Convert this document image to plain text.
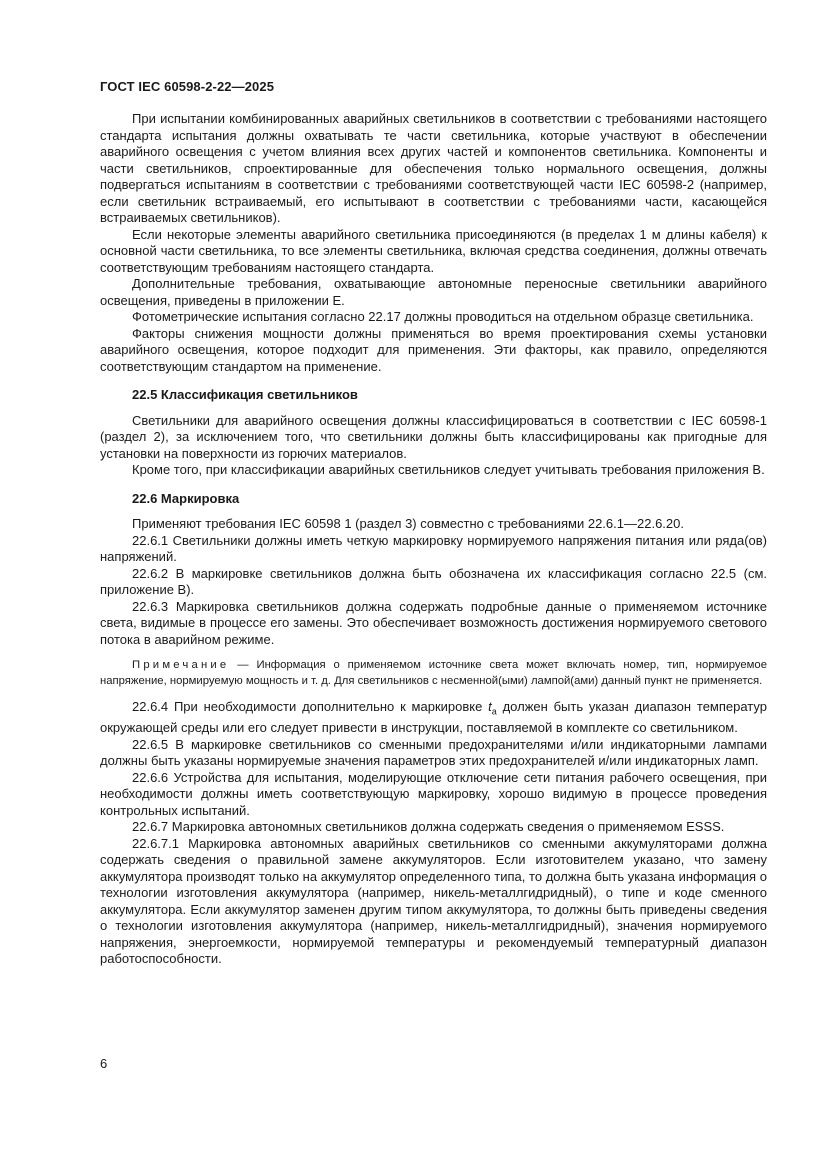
ГОСТ IEC 60598-2-22—2025

При испытании комбинированных аварийных светильников в соответствии с требованиями настоящего стандарта испытания должны охватывать те части светильника, которые участвуют в обеспечении аварийного освещения с учетом влияния всех других частей и компонентов светильника. Компоненты и части светильников, спроектированные для обеспечения только нормального освещения, должны подвергаться испытаниям в соответствии с требованиями соответствующей части IEC 60598-2 (например, если светильник встраиваемый, его испытывают в соответствии с требованиями части, касающейся встраиваемых светильников).

Если некоторые элементы аварийного светильника присоединяются (в пределах 1 м длины кабеля) к основной части светильника, то все элементы светильника, включая средства соединения, должны отвечать соответствующим требованиям настоящего стандарта.

Дополнительные требования, охватывающие автономные переносные светильники аварийного освещения, приведены в приложении E.

Фотометрические испытания согласно 22.17 должны проводиться на отдельном образце светильника.

Факторы снижения мощности должны применяться во время проектирования схемы установки аварийного освещения, которое подходит для применения. Эти факторы, как правило, определяются соответствующим стандартом на применение.

22.5 Классификация светильников

Светильники для аварийного освещения должны классифицироваться в соответствии с IEC 60598-1 (раздел 2), за исключением того, что светильники должны быть классифицированы как пригодные для установки на поверхности из горючих материалов.

Кроме того, при классификации аварийных светильников следует учитывать требования приложения B.

22.6 Маркировка

Применяют требования IEC 60598 1 (раздел 3) совместно с требованиями 22.6.1—22.6.20.

22.6.1 Светильники должны иметь четкую маркировку нормируемого напряжения питания или ряда(ов) напряжений.

22.6.2 В маркировке светильников должна быть обозначена их классификация согласно 22.5 (см. приложение B).

22.6.3 Маркировка светильников должна содержать подробные данные о применяемом источнике света, видимые в процессе его замены. Это обеспечивает возможность достижения нормируемого светового потока в аварийном режиме.

Примечание — Информация о применяемом источнике света может включать номер, тип, нормируемое напряжение, нормируемую мощность и т. д. Для светильников с несменной(ыми) лампой(ами) данный пункт не применяется.

22.6.4 При необходимости дополнительно к маркировке $t_a$ должен быть указан диапазон температур окружающей среды или его следует привести в инструкции, поставляемой в комплекте со светильником.

22.6.5 В маркировке светильников со сменными предохранителями и/или индикаторными лампами должны быть указаны нормируемые значения параметров этих предохранителей и/или индикаторных ламп.

22.6.6 Устройства для испытания, моделирующие отключение сети питания рабочего освещения, при необходимости должны иметь соответствующую маркировку, хорошо видимую в процессе проведения контрольных испытаний.

22.6.7 Маркировка автономных светильников должна содержать сведения о применяемом ESSS.

22.6.7.1 Маркировка автономных аварийных светильников со сменными аккумуляторами должна содержать сведения о правильной замене аккумуляторов. Если изготовителем указано, что замену аккумулятора производят только на аккумулятор определенного типа, то должна быть указана информация о технологии изготовления аккумулятора (например, никель-металлгидридный), о типе и коде сменного аккумулятора. Если аккумулятор заменен другим типом аккумулятора, то должны быть приведены сведения о технологии изготовления аккумулятора (например, никель-металлгидридный), значения нормируемого напряжения, энергоемкости, нормируемой температуры и рекомендуемый температурный диапазон работоспособности.

6
